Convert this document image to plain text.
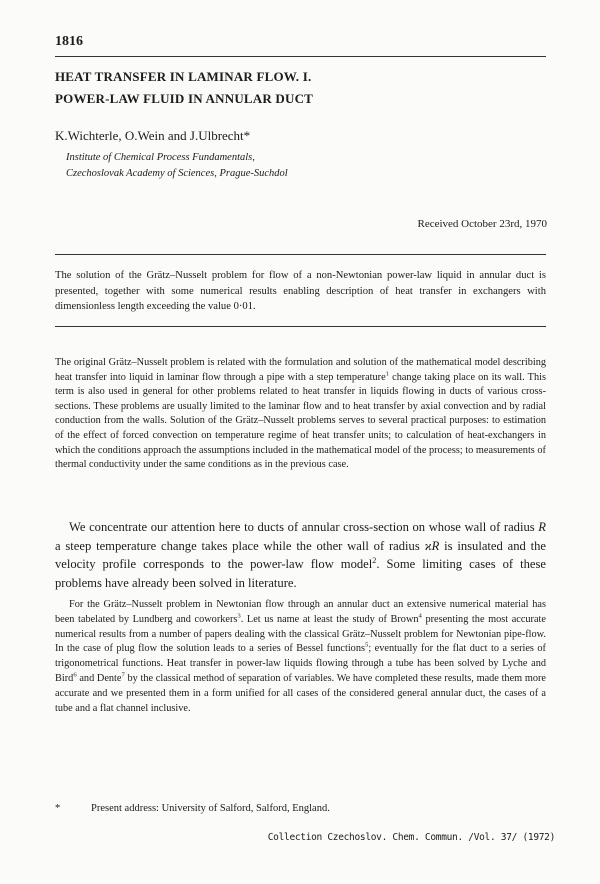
1816
HEAT TRANSFER IN LAMINAR FLOW. I.
POWER-LAW FLUID IN ANNULAR DUCT
K.Wichterle, O.Wein and J.Ulbrecht*
Institute of Chemical Process Fundamentals,
Czechoslovak Academy of Sciences, Prague-Suchdol
Received October 23rd, 1970

The solution of the Grätz–Nusselt problem for flow of a non-Newtonian power-law liquid in annular duct is presented, together with some numerical results enabling description of heat transfer in exchangers with dimensionless length exceeding the value 0·01.

The original Grätz–Nusselt problem is related with the formulation and solution of the mathematical model describing heat transfer into liquid in laminar flow through a pipe with a step temperature$^1$ change taking place on its wall. This term is also used in general for other problems related to heat transfer in liquids flowing in ducts of various cross-sections. These problems are usually limited to the laminar flow and to heat transfer by axial convection and by radial conduction from the walls. Solution of the Grätz–Nusselt problems serves to several practical purposes: to estimation of the effect of forced convection on temperature regime of heat transfer units; to calculation of heat-exchangers in which the conditions approach the assumptions included in the mathematical model of the process; to measurements of thermal conductivity under the same conditions as in the previous case.

We concentrate our attention here to ducts of annular cross-section on whose wall of radius R a steep temperature change takes place while the other wall of radius ϰR is insulated and the velocity profile corresponds to the power-law flow model$^2$. Some limiting cases of these problems have already been solved in literature.

For the Grätz–Nusselt problem in Newtonian flow through an annular duct an extensive numerical material has been tabelated by Lundberg and coworkers$^3$. Let us name at least the study of Brown$^4$ presenting the most accurate numerical results from a number of papers dealing with the classical Grätz–Nusselt problem for Newtonian pipe-flow. In the case of plug flow the solution leads to a series of Bessel functions$^5$; eventually for the flat duct to a series of trigonometrical functions. Heat transfer in power-law liquids flowing through a tube has been solved by Lyche and Bird$^6$ and Dente$^7$ by the classical method of separation of variables. We have completed these results, made them more accurate and we presented them in a form unified for all cases of the considered general annular duct, the cases of a tube and a flat channel inclusive.

*	Present address: University of Salford, Salford, England.
Collection Czechoslov. Chem. Commun. /Vol. 37/ (1972)
